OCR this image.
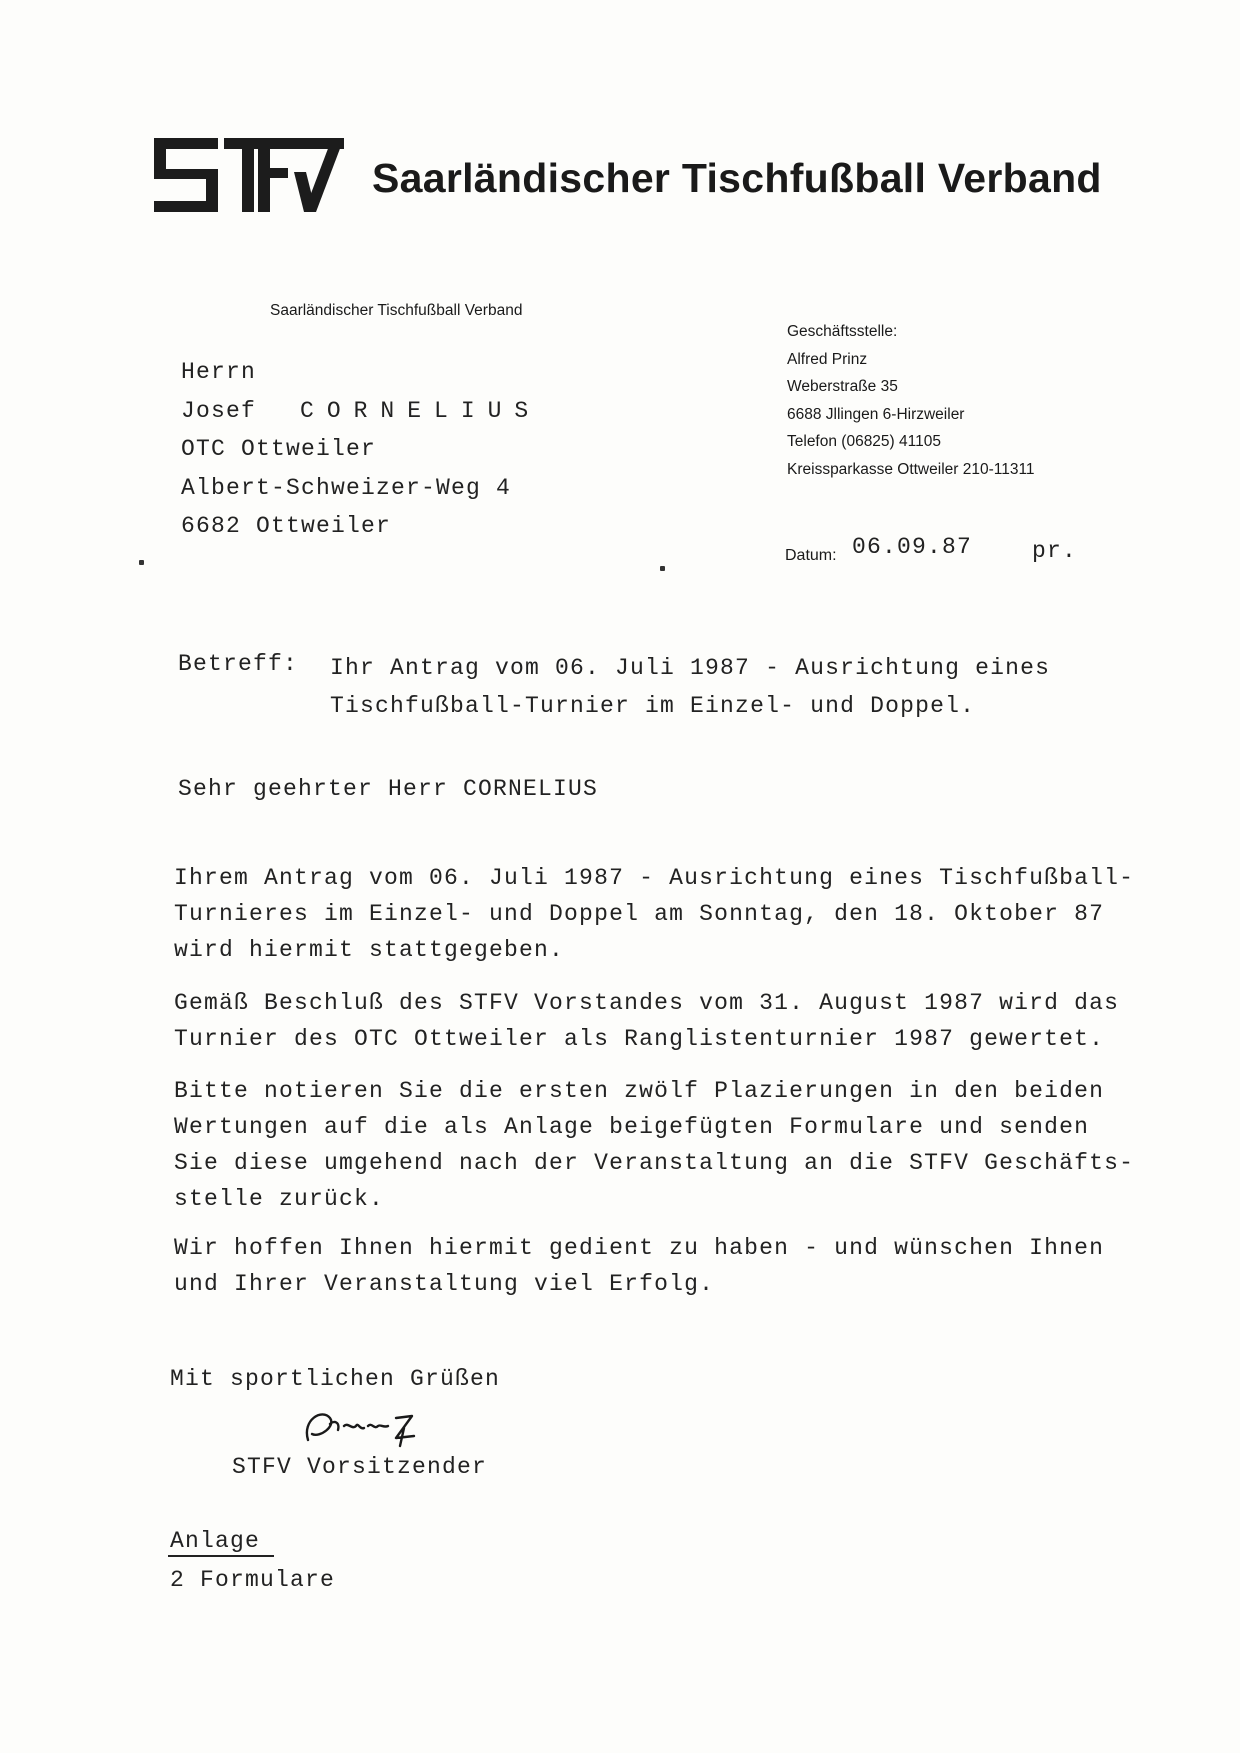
Saarländischer Tischfußball Verband
Saarländischer Tischfußball Verband
Geschäftsstelle:
Alfred Prinz
Weberstraße 35
6688 Jllingen 6-Hirzweiler
Telefon (06825) 41105
Kreissparkasse Ottweiler 210-11311
Herrn
Josef CORNELIUS
OTC Ottweiler
Albert-Schweizer-Weg 4
6682 Ottweiler
Datum: 06.09.87	pr.
Betreff: Ihr Antrag vom 06. Juli 1987 - Ausrichtung eines
Tischfußball-Turnier im Einzel- und Doppel.
Sehr geehrter Herr CORNELIUS
Ihrem Antrag vom 06. Juli 1987 - Ausrichtung eines Tischfußball-
Turnieres im Einzel- und Doppel am Sonntag, den 18. Oktober 87
wird hiermit stattgegeben.
Gemäß Beschluß des STFV Vorstandes vom 31. August 1987 wird das
Turnier des OTC Ottweiler als Ranglistenturnier 1987 gewertet.
Bitte notieren Sie die ersten zwölf Plazierungen in den beiden
Wertungen auf die als Anlage beigefügten Formulare und senden
Sie diese umgehend nach der Veranstaltung an die STFV Geschäfts-
stelle zurück.
Wir hoffen Ihnen hiermit gedient zu haben - und wünschen Ihnen
und Ihrer Veranstaltung viel Erfolg.
Mit sportlichen Grüßen
STFV Vorsitzender
Anlage
2 Formulare
